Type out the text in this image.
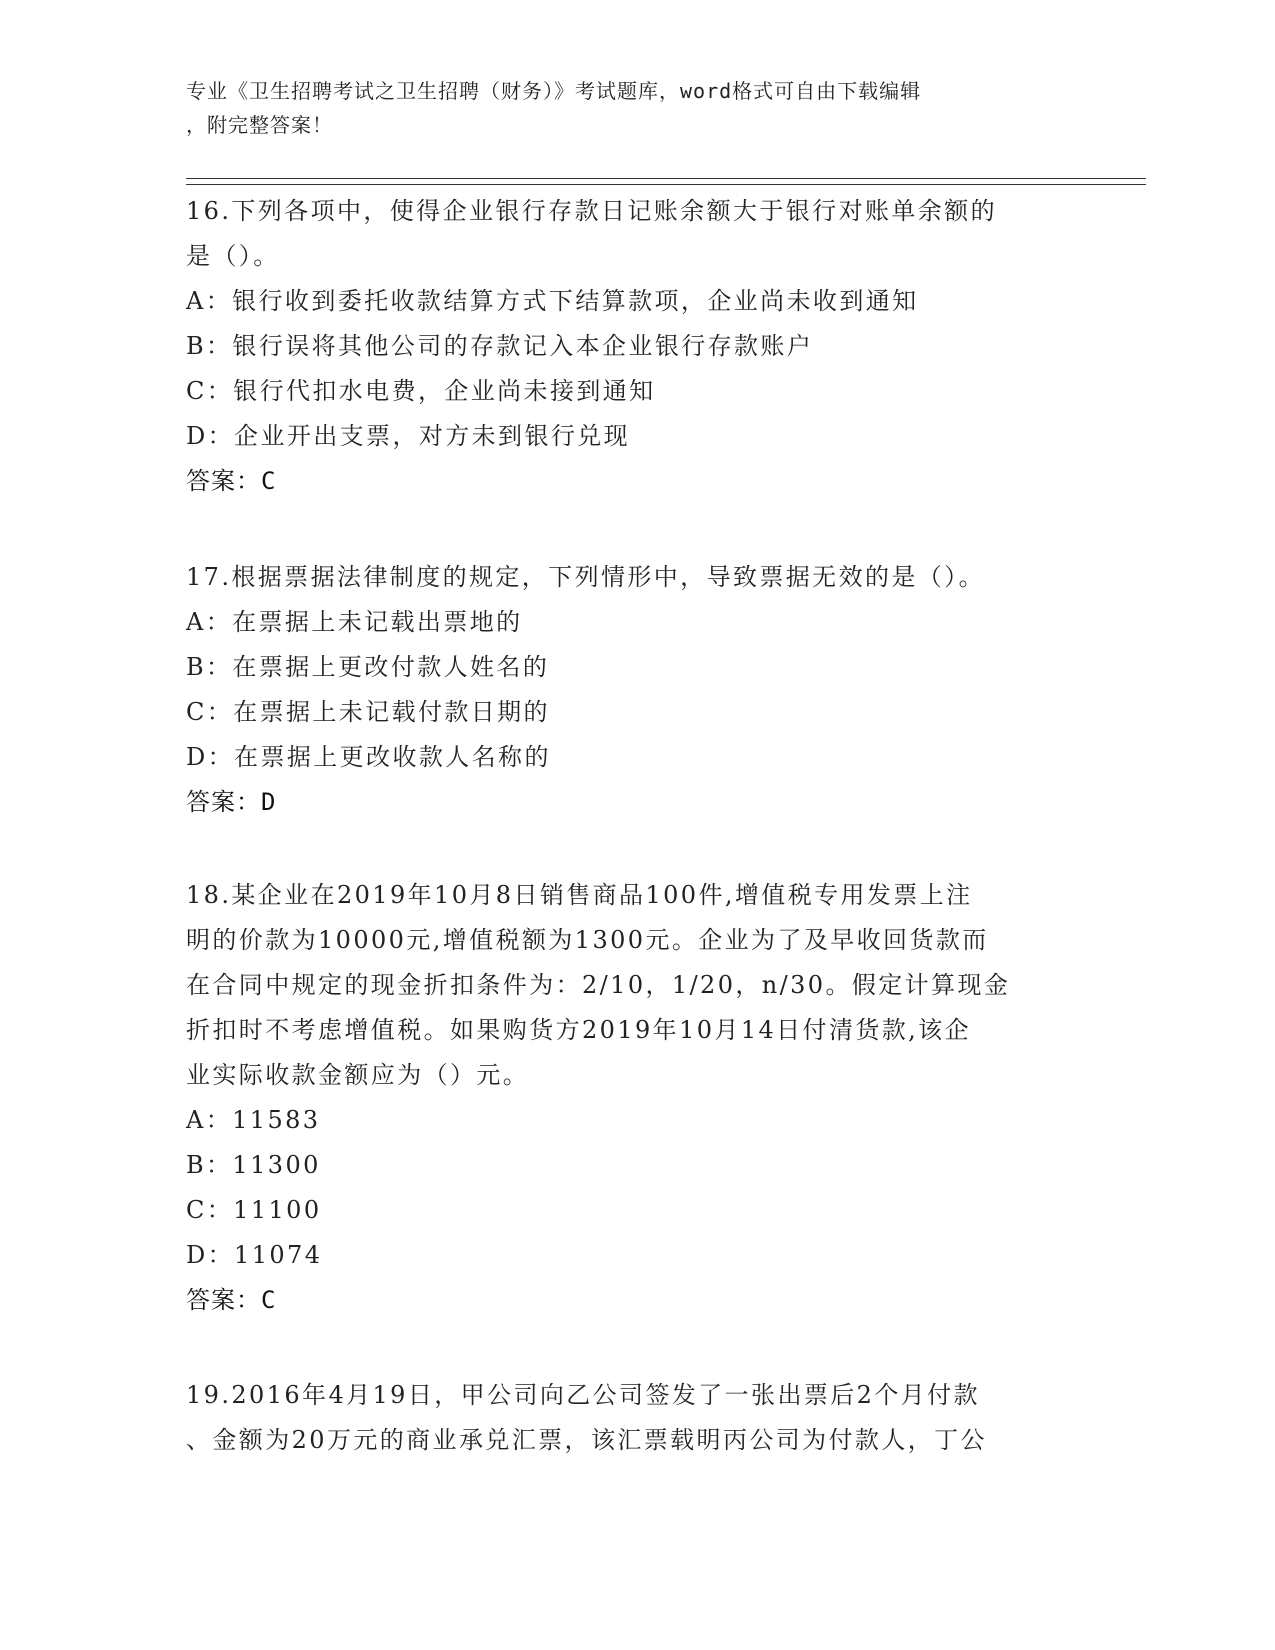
专业《卫生招聘考试之卫生招聘（财务）》考试题库，word格式可自由下载编辑
，附完整答案！
16.下列各项中，使得企业银行存款日记账余额大于银行对账单余额的
是（）。
A：银行收到委托收款结算方式下结算款项，企业尚未收到通知
B：银行误将其他公司的存款记入本企业银行存款账户
C：银行代扣水电费，企业尚未接到通知
D：企业开出支票，对方未到银行兑现
答案：C
17.根据票据法律制度的规定，下列情形中，导致票据无效的是（）。
A：在票据上未记载出票地的
B：在票据上更改付款人姓名的
C：在票据上未记载付款日期的
D：在票据上更改收款人名称的
答案：D
18.某企业在2019年10月8日销售商品100件,增值税专用发票上注
明的价款为10000元,增值税额为1300元。企业为了及早收回货款而
在合同中规定的现金折扣条件为：2/10，1/20，n/30。假定计算现金
折扣时不考虑增值税。如果购货方2019年10月14日付清货款,该企
业实际收款金额应为（）元。
A：11583
B：11300
C：11100
D：11074
答案：C
19.2016年4月19日，甲公司向乙公司签发了一张出票后2个月付款
、金额为20万元的商业承兑汇票，该汇票载明丙公司为付款人，丁公
